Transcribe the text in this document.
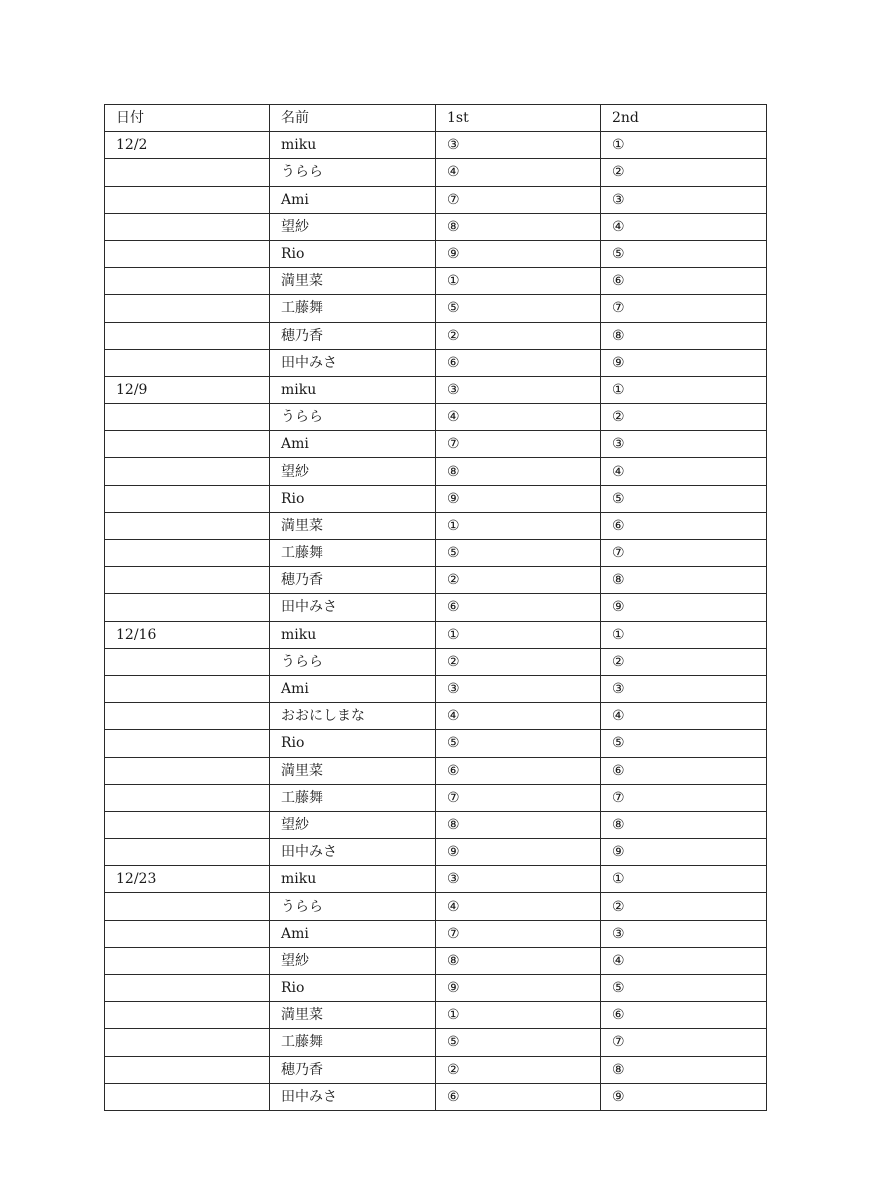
日付	名前	1st	2nd
12/2	miku	③	①
	うらら	④	②
	Ami	⑦	③
	望紗	⑧	④
	Rio	⑨	⑤
	満里菜	①	⑥
	工藤舞	⑤	⑦
	穂乃香	②	⑧
	田中みさ	⑥	⑨
12/9	miku	③	①
	うらら	④	②
	Ami	⑦	③
	望紗	⑧	④
	Rio	⑨	⑤
	満里菜	①	⑥
	工藤舞	⑤	⑦
	穂乃香	②	⑧
	田中みさ	⑥	⑨
12/16	miku	①	①
	うらら	②	②
	Ami	③	③
	おおにしまな	④	④
	Rio	⑤	⑤
	満里菜	⑥	⑥
	工藤舞	⑦	⑦
	望紗	⑧	⑧
	田中みさ	⑨	⑨
12/23	miku	③	①
	うらら	④	②
	Ami	⑦	③
	望紗	⑧	④
	Rio	⑨	⑤
	満里菜	①	⑥
	工藤舞	⑤	⑦
	穂乃香	②	⑧
	田中みさ	⑥	⑨
